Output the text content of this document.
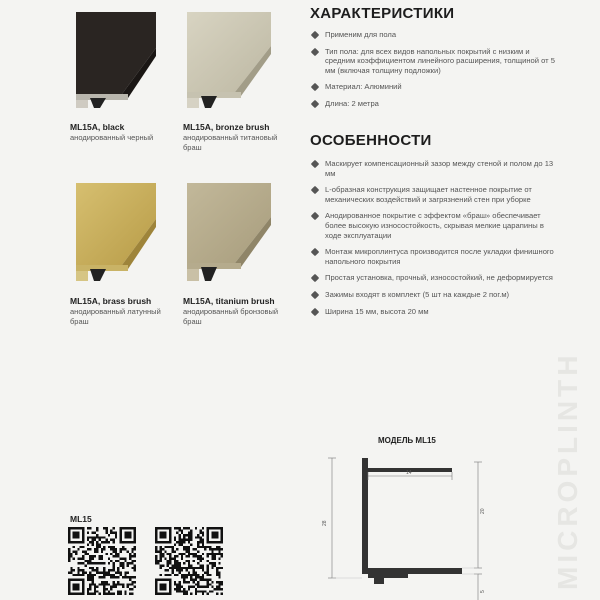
ML15A, black
анодированный черный
ML15A, bronze brush
анодированный титановый браш
ML15A, brass brush
анодированный латунный браш
ML15A, titanium brush
анодированный бронзовый браш
ХАРАКТЕРИСТИКИ
Применим для пола
Тип пола: для всех видов напольных покрытий с низким и средним коэффициентом линейного расширения, толщиной от 5 мм (включая толщину подложки)
Материал: Алюминий
Длина: 2 метра
ОСОБЕННОСТИ
Маскирует компенсационный зазор между стеной и полом до 13 мм
L-образная конструкция защищает настенное покрытие от механических воздействий и загрязнений стен при уборке
Анодированное покрытие с эффектом «браш» обеспечивает более высокую износостойкость, скрывая мелкие царапины в ходе эксплуатации
Монтаж микроплинтуса производится после укладки финишного напольного покрытия
Простая установка, прочный, износостойкий, не деформируется
Зажимы входят в комплект (5 шт на каждые 2 пог.м)
Ширина 15 мм, высота 20 мм
MICROPLINTH
ML15
МОДЕЛЬ ML15
28
20
5
14
